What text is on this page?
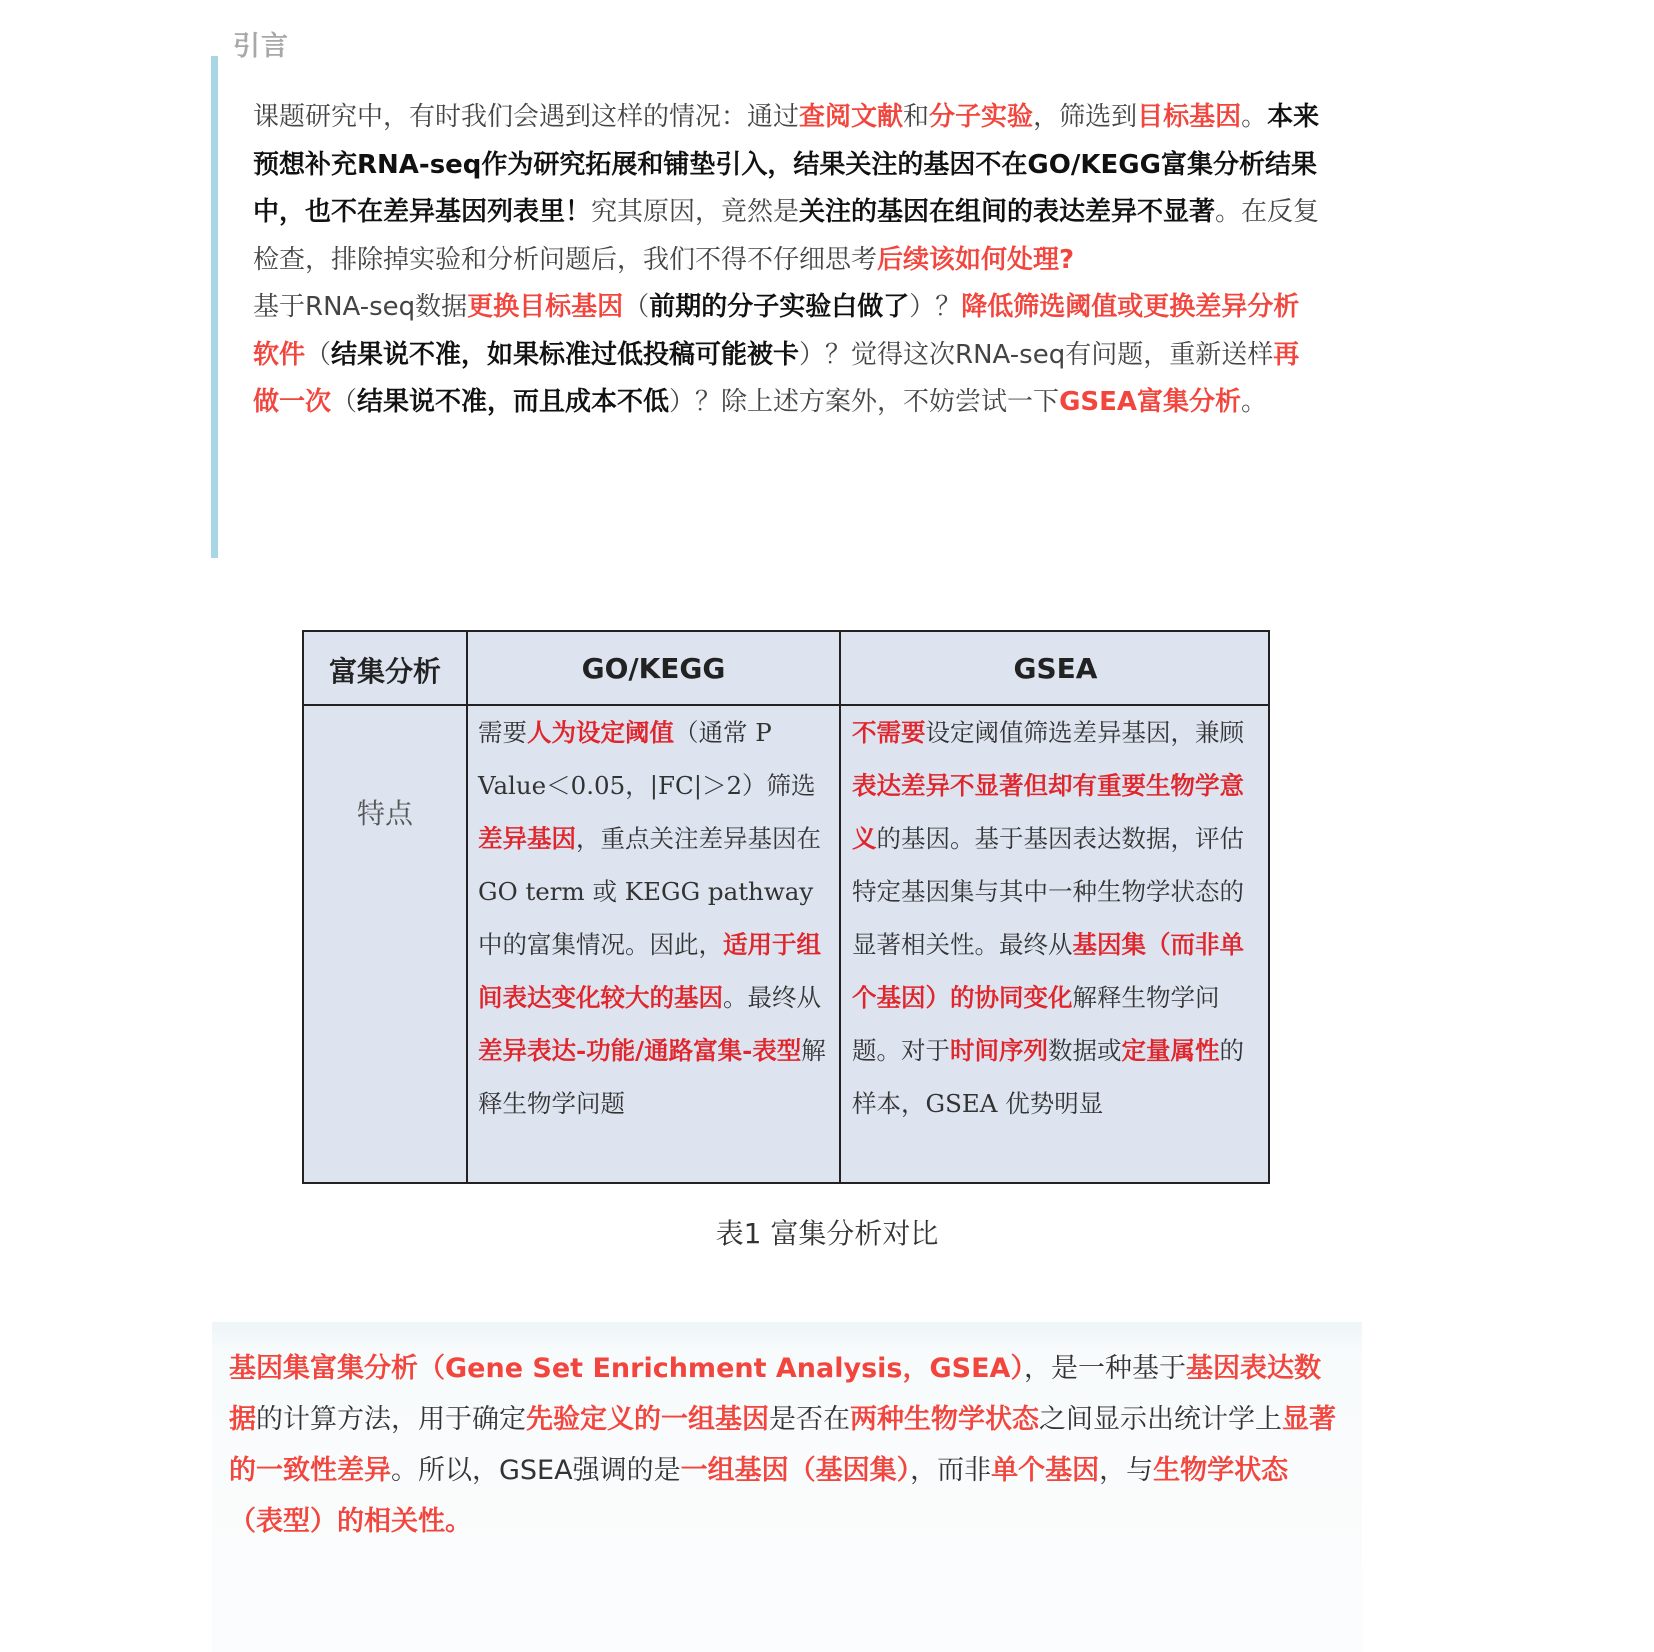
引言
课题研究中，有时我们会遇到这样的情况：通过查阅文献和分子实验，筛选到目标基因。本来预想补充RNA-seq作为研究拓展和铺垫引入，结果关注的基因不在GO/KEGG富集分析结果中，也不在差异基因列表里！究其原因，竟然是关注的基因在组间的表达差异不显著。在反复检查，排除掉实验和分析问题后，我们不得不仔细思考后续该如何处理?
基于RNA-seq数据更换目标基因（前期的分子实验白做了）？降低筛选阈值或更换差异分析软件（结果说不准，如果标准过低投稿可能被卡）？觉得这次RNA-seq有问题，重新送样再做一次（结果说不准，而且成本不低）？除上述方案外，不妨尝试一下GSEA富集分析。
富集分析	GO/KEGG	GSEA
特点
需要人为设定阈值（通常 P Value＜0.05，|FC|＞2）筛选差异基因，重点关注差异基因在 GO term 或 KEGG pathway 中的富集情况。因此，适用于组间表达变化较大的基因。最终从差异表达-功能/通路富集-表型解释生物学问题
不需要设定阈值筛选差异基因，兼顾表达差异不显著但却有重要生物学意义的基因。基于基因表达数据，评估特定基因集与其中一种生物学状态的显著相关性。最终从基因集（而非单个基因）的协同变化解释生物学问题。对于时间序列数据或定量属性的样本，GSEA 优势明显
表1 富集分析对比
基因集富集分析（Gene Set Enrichment Analysis，GSEA），是一种基于基因表达数据的计算方法，用于确定先验定义的一组基因是否在两种生物学状态之间显示出统计学上显著的一致性差异。所以，GSEA强调的是一组基因（基因集），而非单个基因，与生物学状态（表型）的相关性。
